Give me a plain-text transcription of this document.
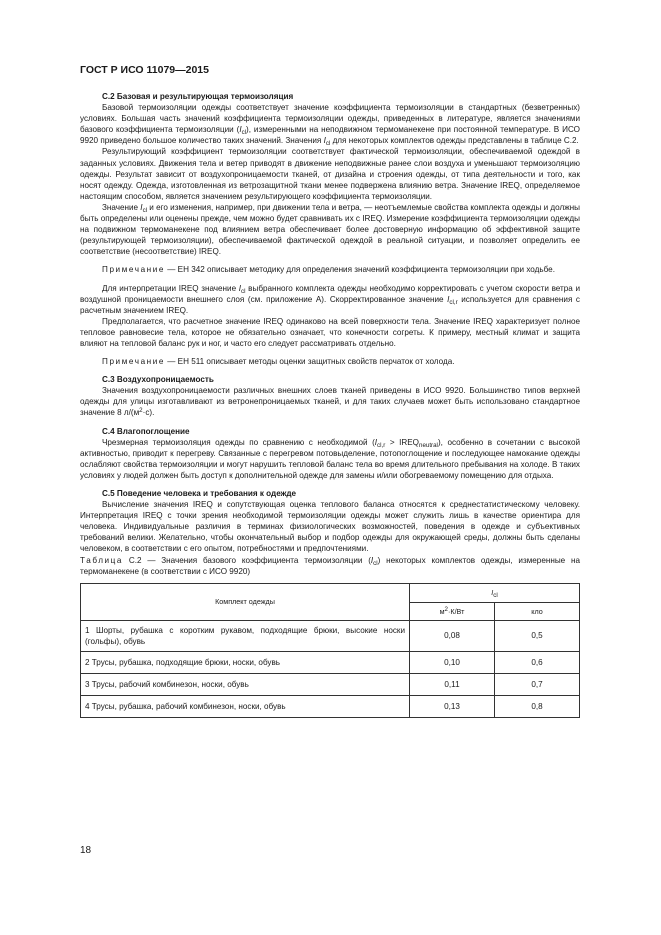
ГОСТ Р ИСО 11079—2015

С.2 Базовая и результирующая термоизоляция

Базовой термоизоляции одежды соответствует значение коэффициента термоизоляции в стандартных (безветренных) условиях. Большая часть значений коэффициента термоизоляции одежды, приведенных в литературе, является значениями базового коэффициента термоизоляции $(I_{cl})$, измеренными на неподвижном термоманекене при постоянной температуре. В ИСО 9920 приведено большое количество таких значений. Значения $I_{cl}$ для некоторых комплектов одежды представлены в таблице С.2.

Результирующий коэффициент термоизоляции соответствует фактической термоизоляции, обеспечиваемой одеждой в заданных условиях. Движения тела и ветер приводят в движение неподвижные ранее слои воздуха и уменьшают термоизоляцию одежды. Результат зависит от воздухопроницаемости тканей, от дизайна и строения одежды, от типа деятельности и того, как носят одежду. Одежда, изготовленная из ветрозащитной ткани менее подвержена влиянию ветра. Значение IREQ, определяемое настоящим способом, является значением результирующего коэффициента термоизоляции.

Значение $I_{cl}$ и его изменения, например, при движении тела и ветра, — неотъемлемые свойства комплекта одежды и должны быть определены или оценены прежде, чем можно будет сравнивать их с IREQ. Измерение коэффициента термоизоляции одежды на подвижном термоманекене под влиянием ветра обеспечивает более достоверную информацию об эффективной защите (результирующей термоизоляции), обеспечиваемой фактической одеждой в реальной ситуации, и позволяет определить ее соответствие (несоответствие) IREQ.

Примечание — ЕН 342 описывает методику для определения значений коэффициента термоизоляции при ходьбе.

Для интерпретации IREQ значение $I_{cl}$ выбранного комплекта одежды необходимо корректировать с учетом скорости ветра и воздушной проницаемости внешнего слоя (см. приложение А). Скорректированное значение $I_{cl,r}$ используется для сравнения с расчетным значением IREQ.

Предполагается, что расчетное значение IREQ одинаково на всей поверхности тела. Значение IREQ характеризует полное тепловое равновесие тела, которое не обязательно означает, что конечности согреты. К примеру, местный климат и защита влияют на тепловой баланс рук и ног, и часто его следует рассматривать отдельно.

Примечание — ЕН 511 описывает методы оценки защитных свойств перчаток от холода.

С.3 Воздухопроницаемость

Значения воздухопроницаемости различных внешних слоев тканей приведены в ИСО 9920. Большинство типов верхней одежды для улицы изготавливают из ветронепроницаемых тканей, и для таких случаев может быть использовано стандартное значение 8 $л/(м^2\cdot с)$.

С.4 Влагопоглощение

Чрезмерная термоизоляция одежды по сравнению с необходимой ($I_{cl,r}$ > $IREQ_{neutral}$), особенно в сочетании с высокой активностью, приводит к перегреву. Связанные с перегревом потовыделение, потопоглощение и последующее намокание одежды ослабляют свойства термоизоляции и могут нарушить тепловой баланс тела во время длительного пребывания на холоде. В таких условиях у людей должен быть доступ к дополнительной одежде для замены и/или обогреваемому помещению для отдыха.

С.5 Поведение человека и требования к одежде

Вычисление значения IREQ и сопутствующая оценка теплового баланса относятся к среднестатистическому человеку. Интерпретация IREQ с точки зрения необходимой термоизоляции одежды может служить лишь в качестве ориентира для человека. Индивидуальные различия в терминах физиологических возможностей, поведения в одежде и субъективных требований велики. Желательно, чтобы окончательный выбор и подбор одежды для окружающей среды, должны быть сделаны человеком, в соответствии с его опытом, потребностями и предпочтениями.

Таблица С.2 — Значения базового коэффициента термоизоляции $(I_{cl})$ некоторых комплектов одежды, измеренные на термоманекене (в соответствии с ИСО 9920)

Комплект одежды	$I_{cl}$
	$м^2\cdot К/Вт$	кло
1 Шорты, рубашка с коротким рукавом, подходящие брюки, высокие носки (гольфы), обувь	0,08	0,5
2 Трусы, рубашка, подходящие брюки, носки, обувь	0,10	0,6
3 Трусы, рабочий комбинезон, носки, обувь	0,11	0,7
4 Трусы, рубашка, рабочий комбинезон, носки, обувь	0,13	0,8
18
